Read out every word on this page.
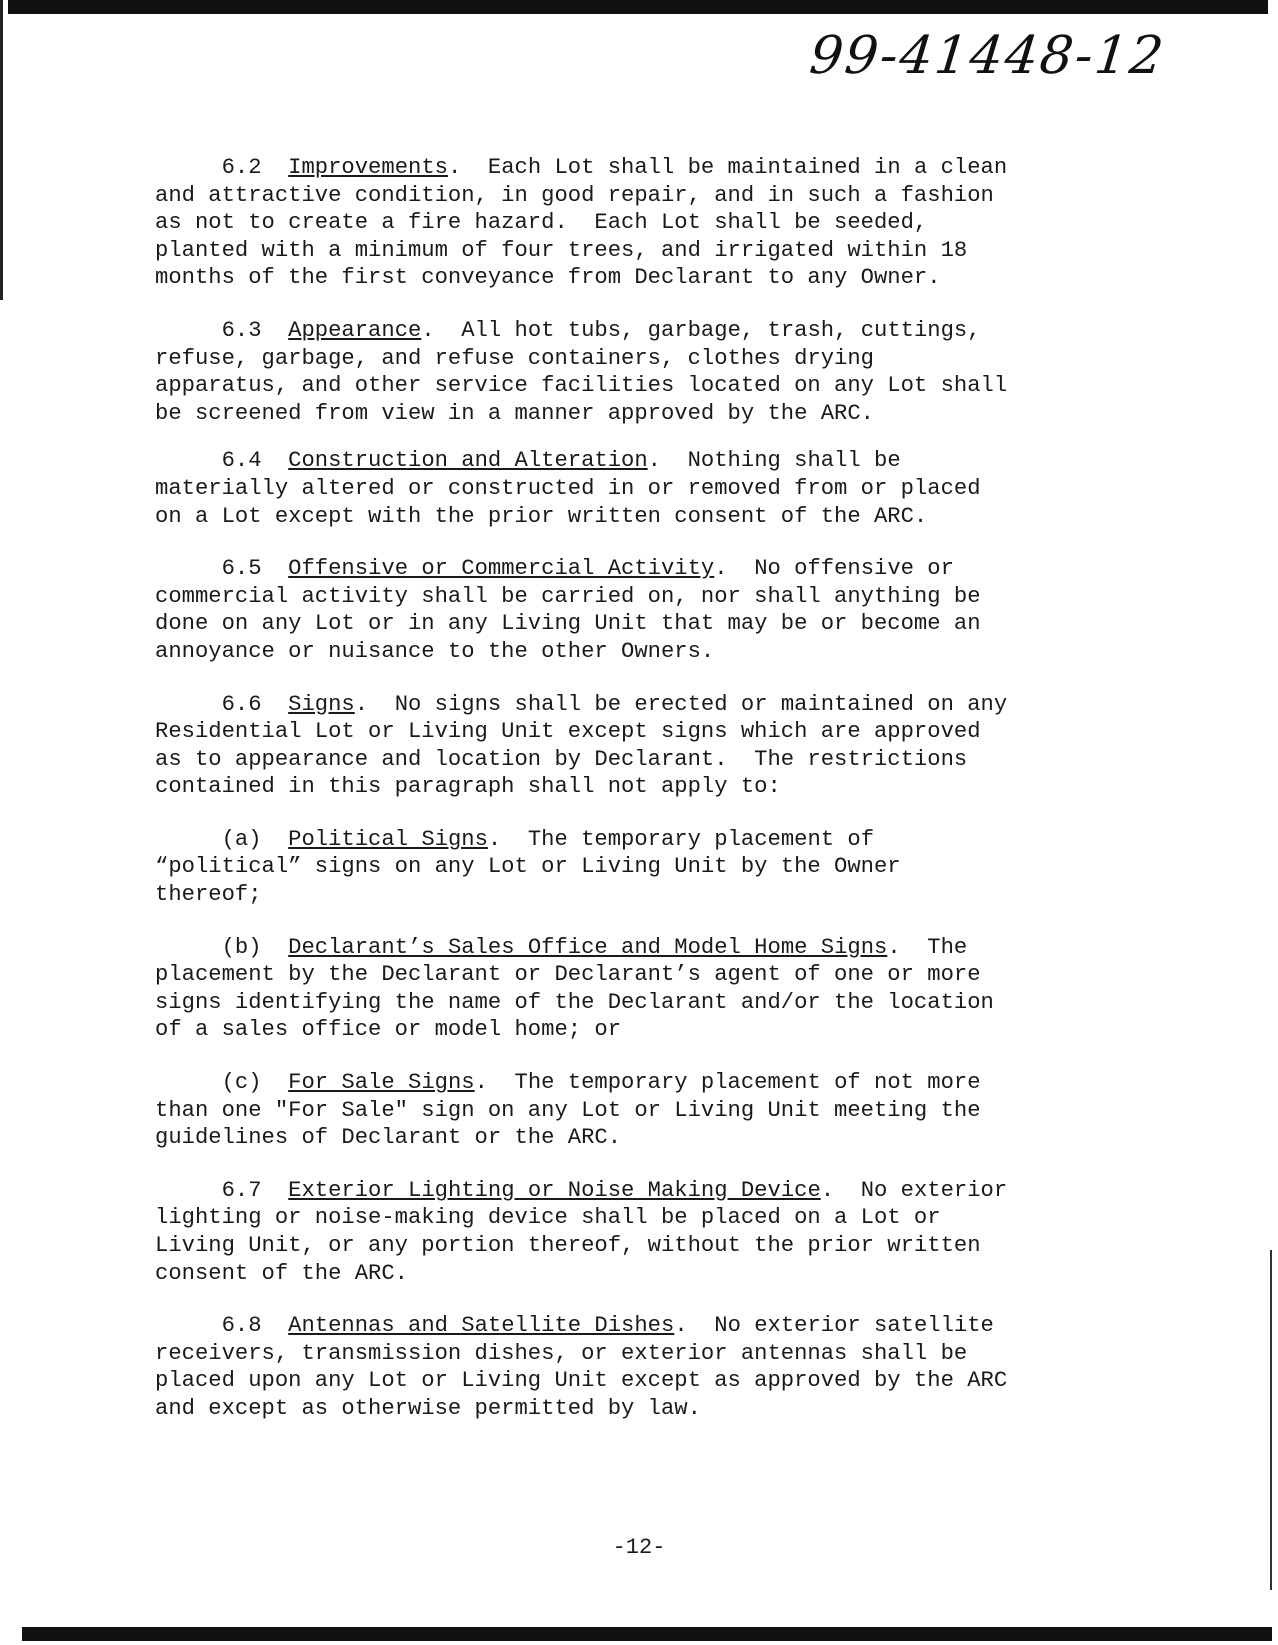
99-41448-12
6.2 Improvements.  Each Lot shall be maintained in a clean
and attractive condition, in good repair, and in such a fashion
as not to create a fire hazard.  Each Lot shall be seeded,
planted with a minimum of four trees, and irrigated within 18
months of the first conveyance from Declarant to any Owner.
6.3 Appearance.  All hot tubs, garbage, trash, cuttings,
refuse, garbage, and refuse containers, clothes drying
apparatus, and other service facilities located on any Lot shall
be screened from view in a manner approved by the ARC.
6.4 Construction and Alteration.  Nothing shall be
materially altered or constructed in or removed from or placed
on a Lot except with the prior written consent of the ARC.
6.5 Offensive or Commercial Activity.  No offensive or
commercial activity shall be carried on, nor shall anything be
done on any Lot or in any Living Unit that may be or become an
annoyance or nuisance to the other Owners.
6.6 Signs.  No signs shall be erected or maintained on any
Residential Lot or Living Unit except signs which are approved
as to appearance and location by Declarant.  The restrictions
contained in this paragraph shall not apply to:
(a) Political Signs.  The temporary placement of
“political” signs on any Lot or Living Unit by the Owner
thereof;
(b) Declarant’s Sales Office and Model Home Signs.  The
placement by the Declarant or Declarant’s agent of one or more
signs identifying the name of the Declarant and/or the location
of a sales office or model home; or
(c) For Sale Signs.  The temporary placement of not more
than one "For Sale" sign on any Lot or Living Unit meeting the
guidelines of Declarant or the ARC.
6.7 Exterior Lighting or Noise Making Device.  No exterior
lighting or noise-making device shall be placed on a Lot or
Living Unit, or any portion thereof, without the prior written
consent of the ARC.
6.8 Antennas and Satellite Dishes.  No exterior satellite
receivers, transmission dishes, or exterior antennas shall be
placed upon any Lot or Living Unit except as approved by the ARC
and except as otherwise permitted by law.
-12-
